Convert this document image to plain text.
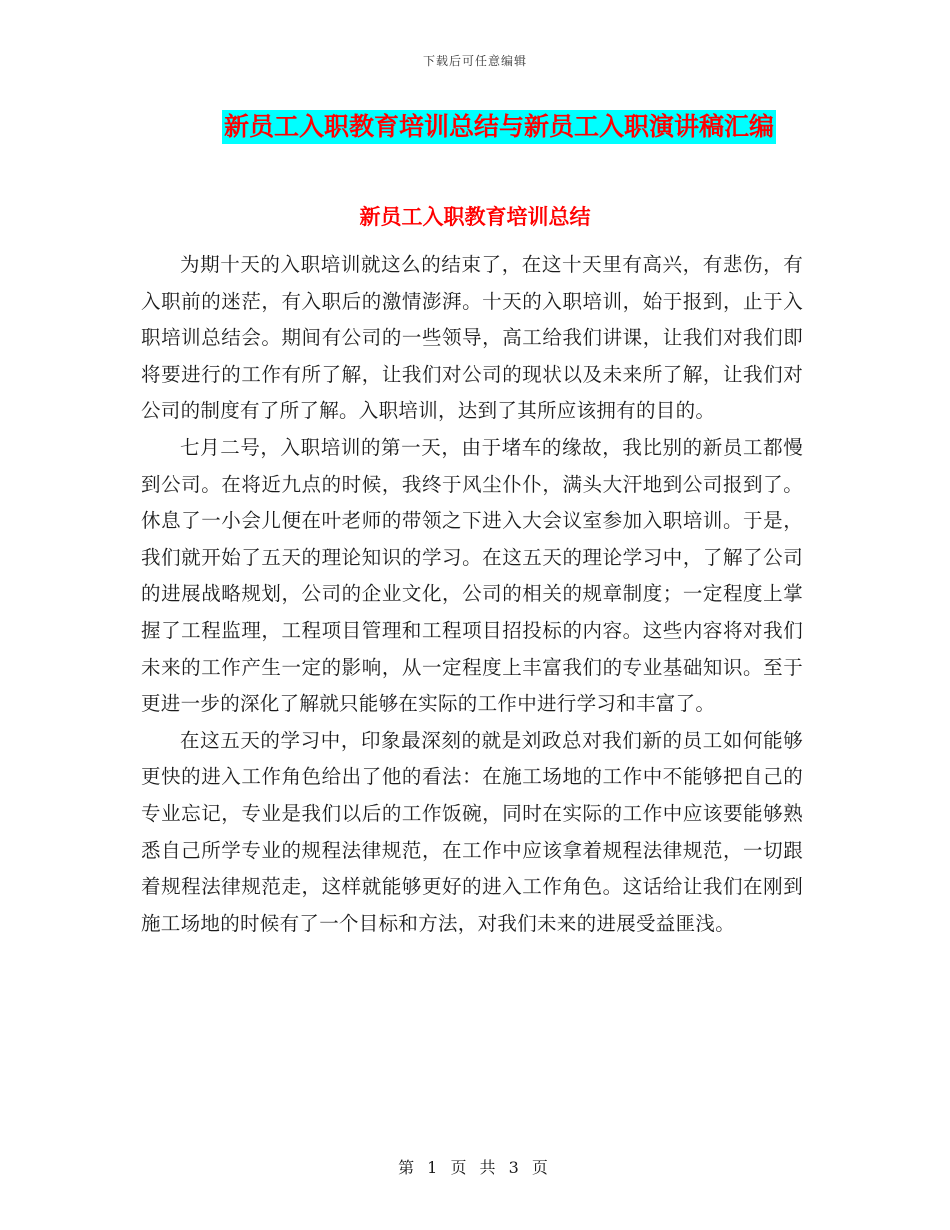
下载后可任意编辑
新员工入职教育培训总结与新员工入职演讲稿汇编
新员工入职教育培训总结

为期十天的入职培训就这么的结束了，在这十天里有高兴，有悲伤，有入职前的迷茫，有入职后的激情澎湃。十天的入职培训，始于报到，止于入职培训总结会。期间有公司的一些领导，高工给我们讲课，让我们对我们即将要进行的工作有所了解，让我们对公司的现状以及未来所了解，让我们对公司的制度有了所了解。入职培训，达到了其所应该拥有的目的。

七月二号，入职培训的第一天，由于堵车的缘故，我比别的新员工都慢到公司。在将近九点的时候，我终于风尘仆仆，满头大汗地到公司报到了。休息了一小会儿便在叶老师的带领之下进入大会议室参加入职培训。于是，我们就开始了五天的理论知识的学习。在这五天的理论学习中，了解了公司的进展战略规划，公司的企业文化，公司的相关的规章制度；一定程度上掌握了工程监理，工程项目管理和工程项目招投标的内容。这些内容将对我们未来的工作产生一定的影响，从一定程度上丰富我们的专业基础知识。至于更进一步的深化了解就只能够在实际的工作中进行学习和丰富了。

在这五天的学习中，印象最深刻的就是刘政总对我们新的员工如何能够更快的进入工作角色给出了他的看法：在施工场地的工作中不能够把自己的专业忘记，专业是我们以后的工作饭碗，同时在实际的工作中应该要能够熟悉自己所学专业的规程法律规范，在工作中应该拿着规程法律规范，一切跟着规程法律规范走，这样就能够更好的进入工作角色。这话给让我们在刚到施工场地的时候有了一个目标和方法，对我们未来的进展受益匪浅。

第 1 页 共 3 页
